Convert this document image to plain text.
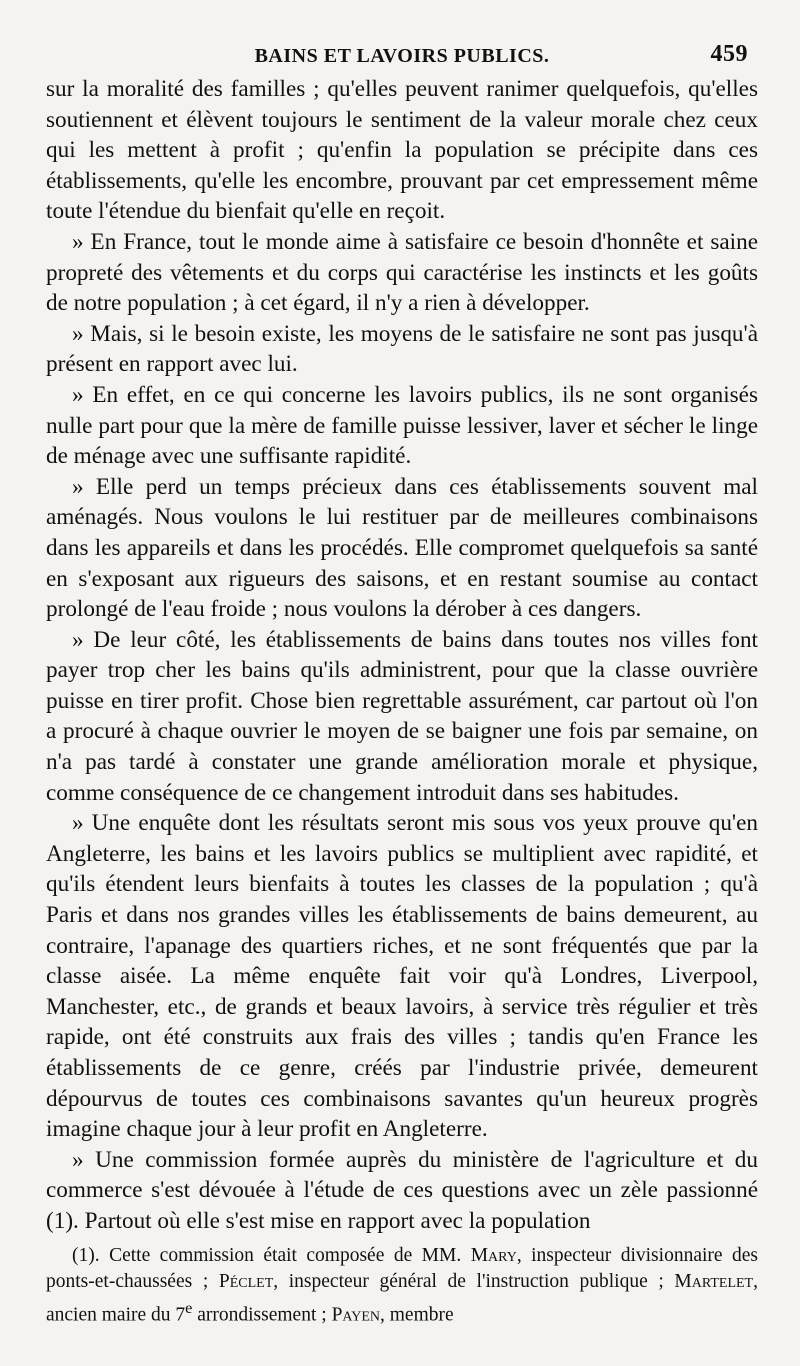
BAINS ET LAVOIRS PUBLICS.	459

sur la moralité des familles ; qu'elles peuvent ranimer quelquefois, qu'elles soutiennent et élèvent toujours le sentiment de la valeur morale chez ceux qui les mettent à profit ; qu'enfin la population se précipite dans ces établissements, qu'elle les encombre, prouvant par cet empressement même toute l'étendue du bienfait qu'elle en reçoit.

» En France, tout le monde aime à satisfaire ce besoin d'honnête et saine propreté des vêtements et du corps qui caractérise les instincts et les goûts de notre population ; à cet égard, il n'y a rien à développer.

» Mais, si le besoin existe, les moyens de le satisfaire ne sont pas jusqu'à présent en rapport avec lui.

» En effet, en ce qui concerne les lavoirs publics, ils ne sont organisés nulle part pour que la mère de famille puisse lessiver, laver et sécher le linge de ménage avec une suffisante rapidité.

» Elle perd un temps précieux dans ces établissements souvent mal aménagés. Nous voulons le lui restituer par de meilleures combinaisons dans les appareils et dans les procédés. Elle compromet quelquefois sa santé en s'exposant aux rigueurs des saisons, et en restant soumise au contact prolongé de l'eau froide ; nous voulons la dérober à ces dangers.

» De leur côté, les établissements de bains dans toutes nos villes font payer trop cher les bains qu'ils administrent, pour que la classe ouvrière puisse en tirer profit. Chose bien regrettable assurément, car partout où l'on a procuré à chaque ouvrier le moyen de se baigner une fois par semaine, on n'a pas tardé à constater une grande amélioration morale et physique, comme conséquence de ce changement introduit dans ses habitudes.

» Une enquête dont les résultats seront mis sous vos yeux prouve qu'en Angleterre, les bains et les lavoirs publics se multiplient avec rapidité, et qu'ils étendent leurs bienfaits à toutes les classes de la population ; qu'à Paris et dans nos grandes villes les établissements de bains demeurent, au contraire, l'apanage des quartiers riches, et ne sont fréquentés que par la classe aisée. La même enquête fait voir qu'à Londres, Liverpool, Manchester, etc., de grands et beaux lavoirs, à service très régulier et très rapide, ont été construits aux frais des villes ; tandis qu'en France les établissements de ce genre, créés par l'industrie privée, demeurent dépourvus de toutes ces combinaisons savantes qu'un heureux progrès imagine chaque jour à leur profit en Angleterre.

» Une commission formée auprès du ministère de l'agriculture et du commerce s'est dévouée à l'étude de ces questions avec un zèle passionné (1). Partout où elle s'est mise en rapport avec la population

(1). Cette commission était composée de MM. Mary, inspecteur divisionnaire des ponts-et-chaussées ; Péclet, inspecteur général de l'instruction publique ; Martelet, ancien maire du 7e arrondissement ; Payen, membre
